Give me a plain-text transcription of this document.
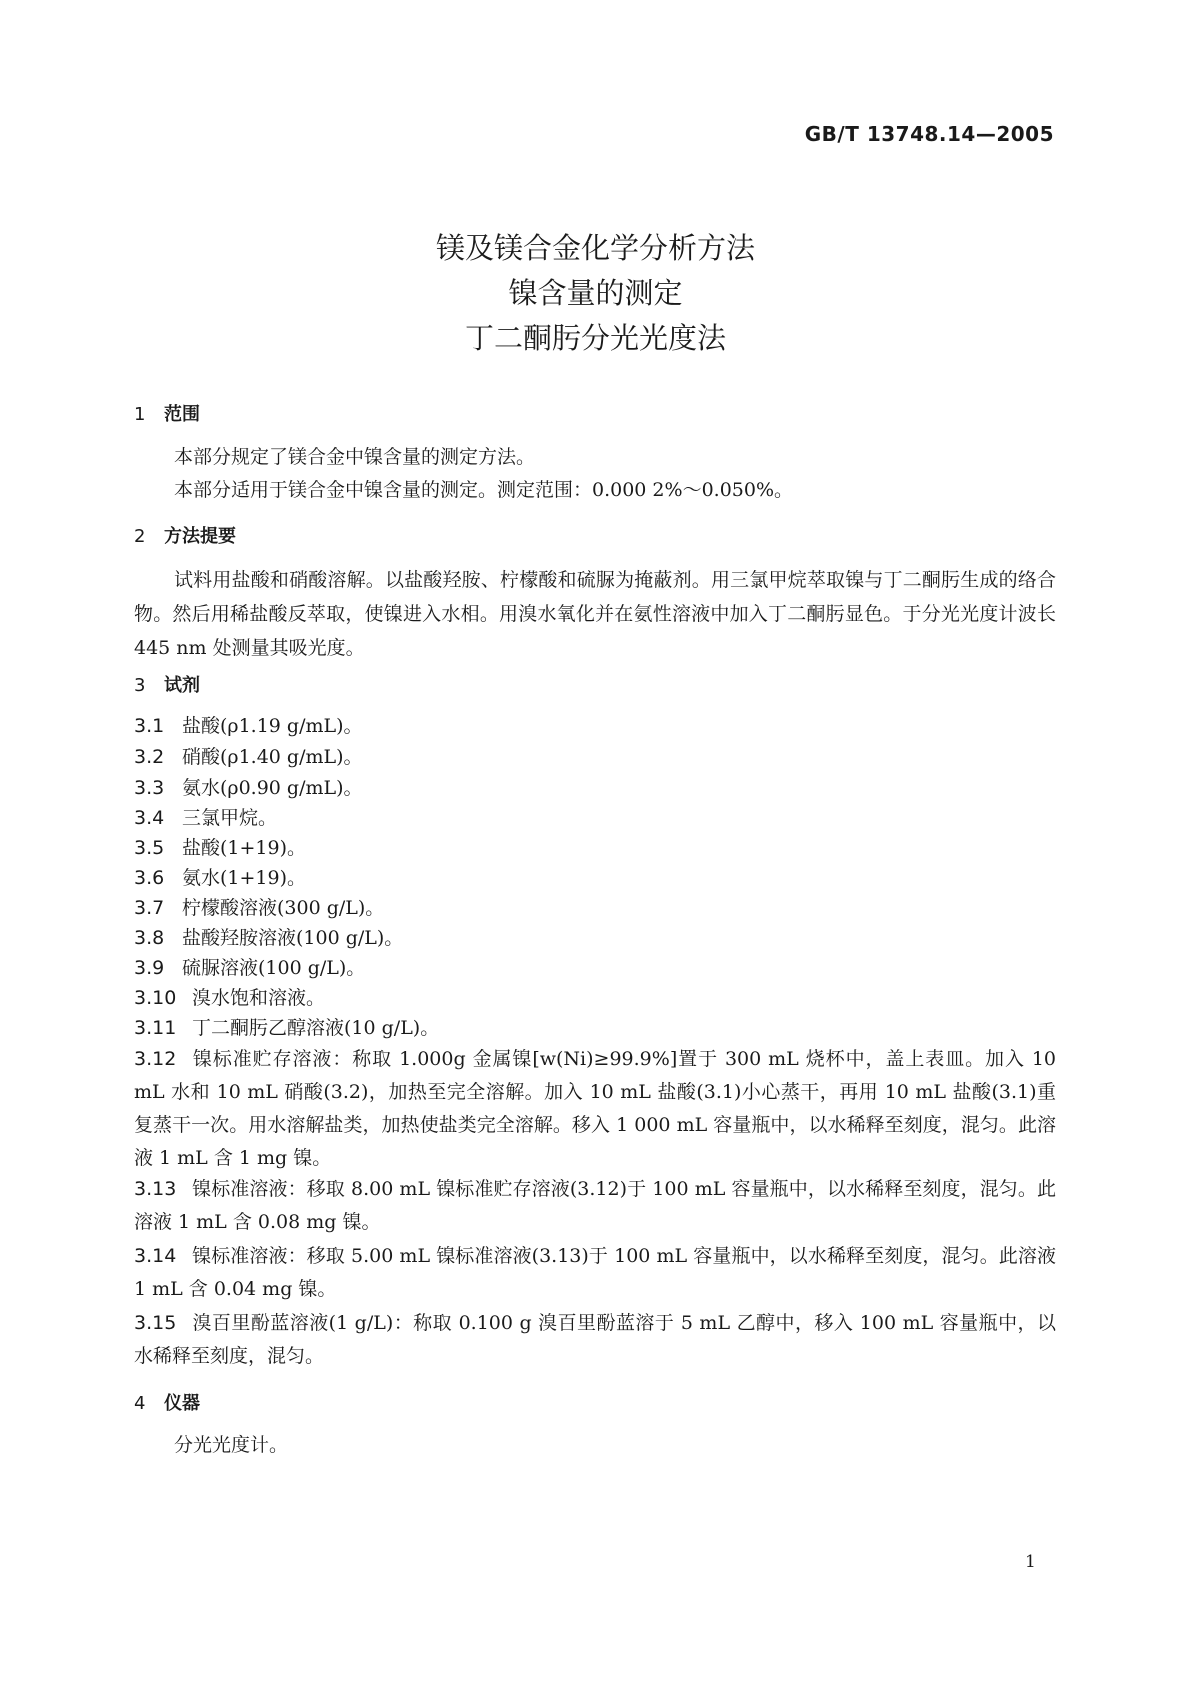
GB/T 13748.14—2005
镁及镁合金化学分析方法
镍含量的测定
丁二酮肟分光光度法
1 范围
本部分规定了镁合金中镍含量的测定方法。
本部分适用于镁合金中镍含量的测定。测定范围：0.000 2%～0.050%。
2 方法提要
试料用盐酸和硝酸溶解。以盐酸羟胺、柠檬酸和硫脲为掩蔽剂。用三氯甲烷萃取镍与丁二酮肟生成的络合物。然后用稀盐酸反萃取，使镍进入水相。用溴水氧化并在氨性溶液中加入丁二酮肟显色。于分光光度计波长 445 nm 处测量其吸光度。
3 试剂
3.1 盐酸(ρ1.19 g/mL)。
3.2 硝酸(ρ1.40 g/mL)。
3.3 氨水(ρ0.90 g/mL)。
3.4 三氯甲烷。
3.5 盐酸(1+19)。
3.6 氨水(1+19)。
3.7 柠檬酸溶液(300 g/L)。
3.8 盐酸羟胺溶液(100 g/L)。
3.9 硫脲溶液(100 g/L)。
3.10 溴水饱和溶液。
3.11 丁二酮肟乙醇溶液(10 g/L)。
3.12 镍标准贮存溶液：称取 1.000g 金属镍[w(Ni)≥99.9%]置于 300 mL 烧杯中，盖上表皿。加入 10 mL 水和 10 mL 硝酸(3.2)，加热至完全溶解。加入 10 mL 盐酸(3.1)小心蒸干，再用 10 mL 盐酸(3.1)重复蒸干一次。用水溶解盐类，加热使盐类完全溶解。移入 1 000 mL 容量瓶中，以水稀释至刻度，混匀。此溶液 1 mL 含 1 mg 镍。
3.13 镍标准溶液：移取 8.00 mL 镍标准贮存溶液(3.12)于 100 mL 容量瓶中，以水稀释至刻度，混匀。此溶液 1 mL 含 0.08 mg 镍。
3.14 镍标准溶液：移取 5.00 mL 镍标准溶液(3.13)于 100 mL 容量瓶中，以水稀释至刻度，混匀。此溶液 1 mL 含 0.04 mg 镍。
3.15 溴百里酚蓝溶液(1 g/L)：称取 0.100 g 溴百里酚蓝溶于 5 mL 乙醇中，移入 100 mL 容量瓶中，以水稀释至刻度，混匀。
4 仪器
分光光度计。
1
